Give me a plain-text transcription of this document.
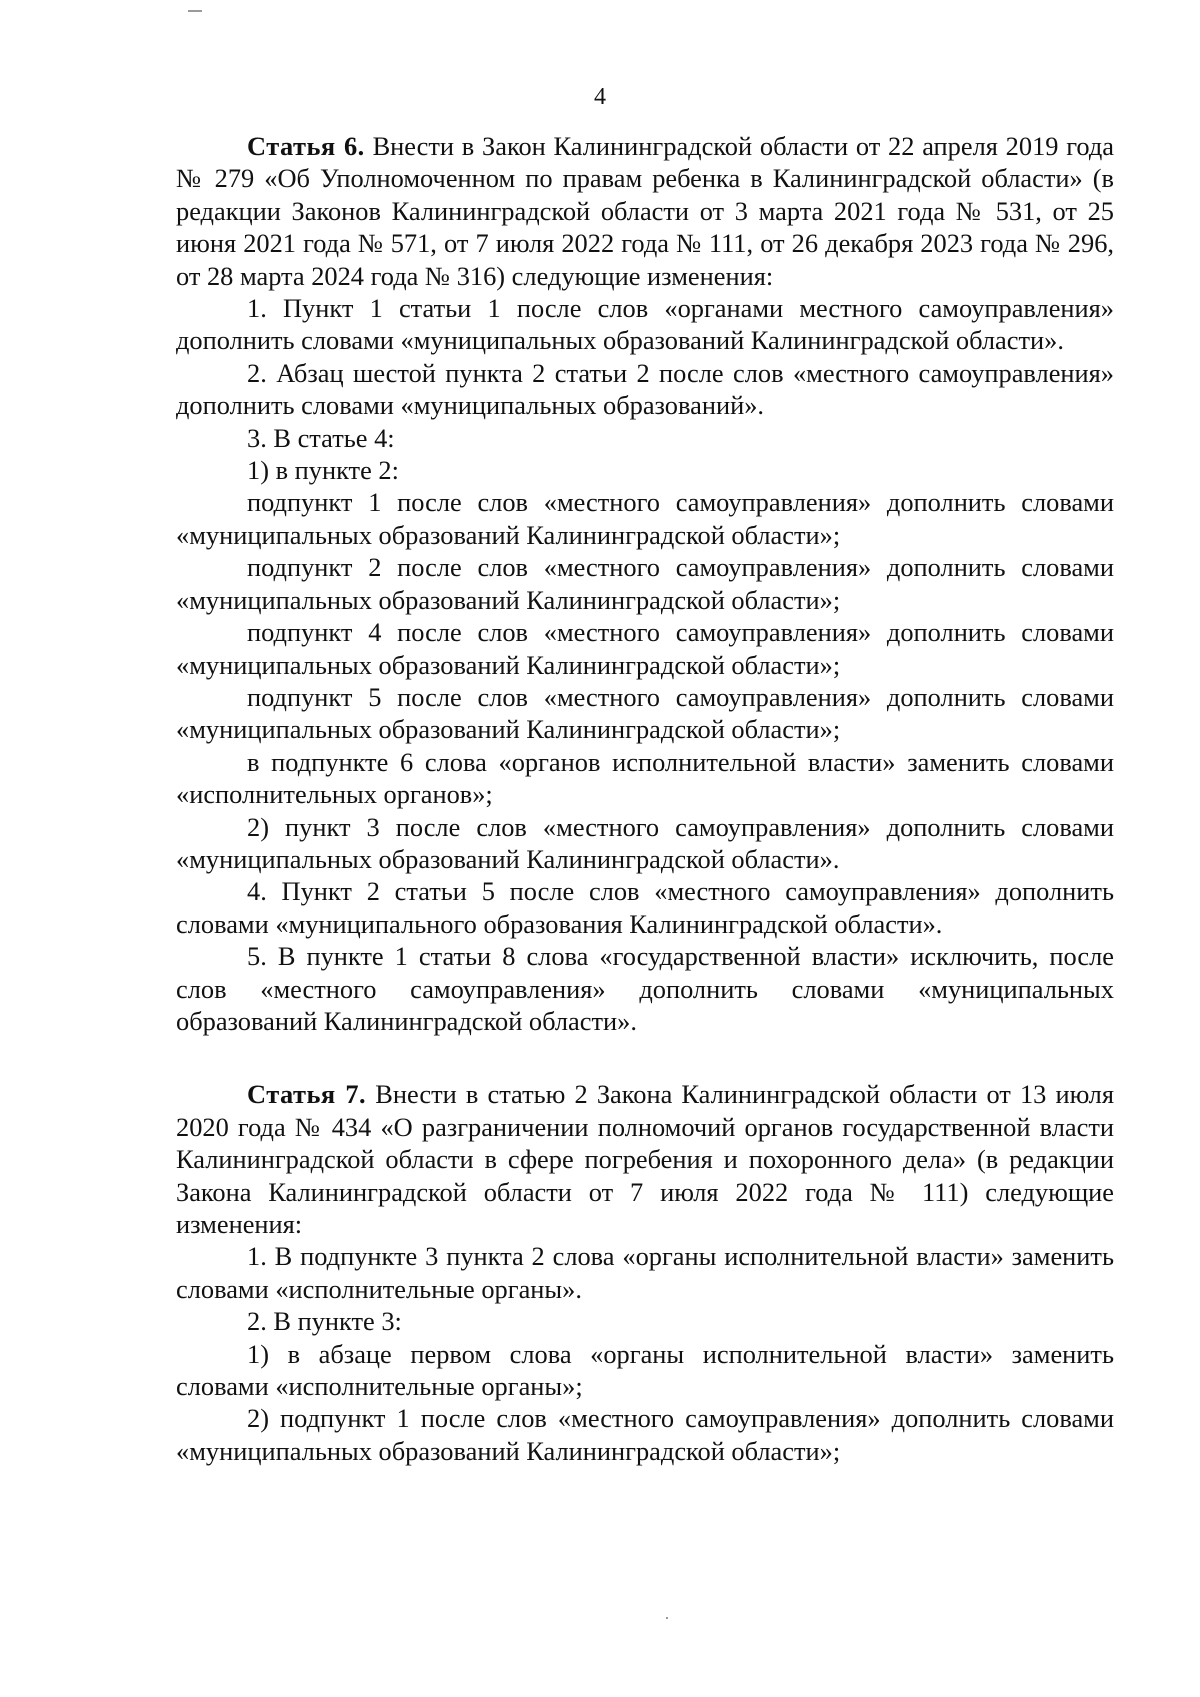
4

Статья 6. Внести в Закон Калининградской области от 22 апреля 2019 года № 279 «Об Уполномоченном по правам ребенка в Калининградской области» (в редакции Законов Калининградской области от 3 марта 2021 года № 531, от 25 июня 2021 года № 571, от 7 июля 2022 года № 111, от 26 декабря 2023 года № 296, от 28 марта 2024 года № 316) следующие изменения:

1. Пункт 1 статьи 1 после слов «органами местного самоуправления» дополнить словами «муниципальных образований Калининградской области».

2. Абзац шестой пункта 2 статьи 2 после слов «местного самоуправления» дополнить словами «муниципальных образований».

3. В статье 4:

1) в пункте 2:

подпункт 1 после слов «местного самоуправления» дополнить словами «муниципальных образований Калининградской области»;

подпункт 2 после слов «местного самоуправления» дополнить словами «муниципальных образований Калининградской области»;

подпункт 4 после слов «местного самоуправления» дополнить словами «муниципальных образований Калининградской области»;

подпункт 5 после слов «местного самоуправления» дополнить словами «муниципальных образований Калининградской области»;

в подпункте 6 слова «органов исполнительной власти» заменить словами «исполнительных органов»;

2) пункт 3 после слов «местного самоуправления» дополнить словами «муниципальных образований Калининградской области».

4. Пункт 2 статьи 5 после слов «местного самоуправления» дополнить словами «муниципального образования Калининградской области».

5. В пункте 1 статьи 8 слова «государственной власти» исключить, после слов «местного самоуправления» дополнить словами «муниципальных образований Калининградской области».

Статья 7. Внести в статью 2 Закона Калининградской области от 13 июля 2020 года № 434 «О разграничении полномочий органов государственной власти Калининградской области в сфере погребения и похоронного дела» (в редакции Закона Калининградской области от 7 июля 2022 года № 111) следующие изменения:

1. В подпункте 3 пункта 2 слова «органы исполнительной власти» заменить словами «исполнительные органы».

2. В пункте 3:

1) в абзаце первом слова «органы исполнительной власти» заменить словами «исполнительные органы»;

2) подпункт 1 после слов «местного самоуправления» дополнить словами «муниципальных образований Калининградской области»;
